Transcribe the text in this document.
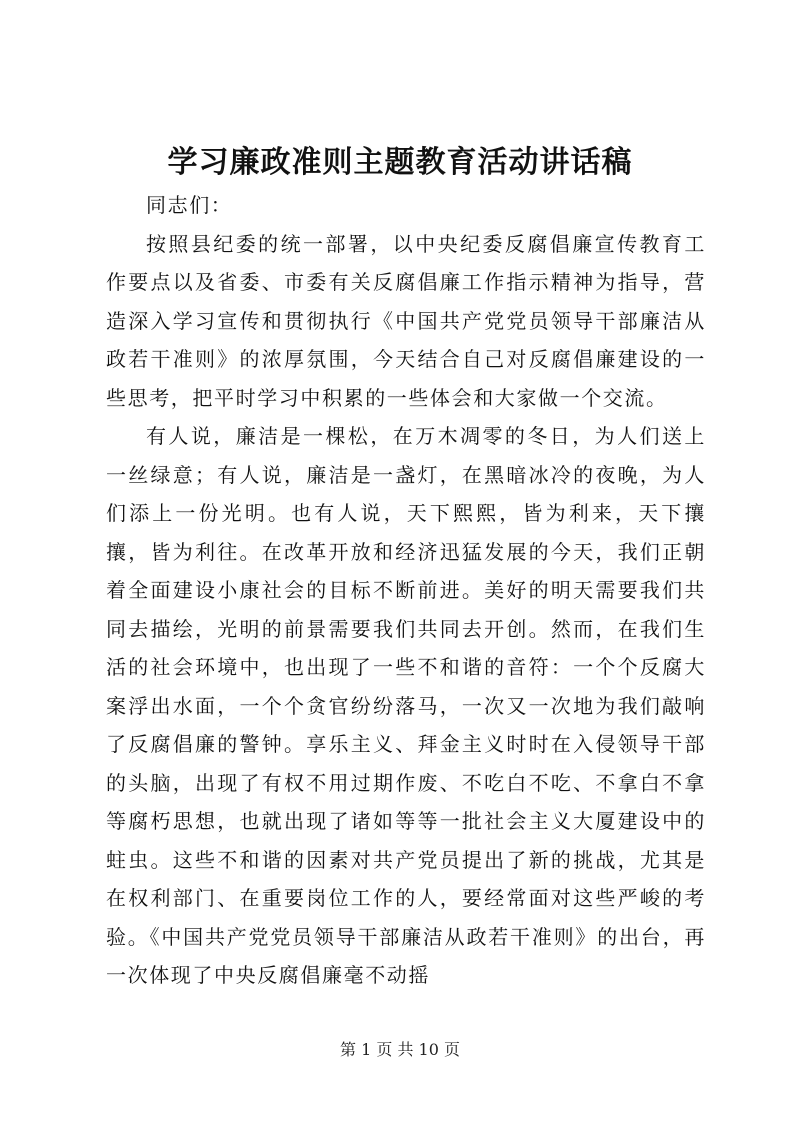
学习廉政准则主题教育活动讲话稿

同志们：

按照县纪委的统一部署，以中央纪委反腐倡廉宣传教育工作要点以及省委、市委有关反腐倡廉工作指示精神为指导，营造深入学习宣传和贯彻执行《中国共产党党员领导干部廉洁从政若干准则》的浓厚氛围，今天结合自己对反腐倡廉建设的一些思考，把平时学习中积累的一些体会和大家做一个交流。

有人说，廉洁是一棵松，在万木凋零的冬日，为人们送上一丝绿意；有人说，廉洁是一盏灯，在黑暗冰冷的夜晚，为人们添上一份光明。也有人说，天下熙熙，皆为利来，天下攘攘，皆为利往。在改革开放和经济迅猛发展的今天，我们正朝着全面建设小康社会的目标不断前进。美好的明天需要我们共同去描绘，光明的前景需要我们共同去开创。然而，在我们生活的社会环境中，也出现了一些不和谐的音符：一个个反腐大案浮出水面，一个个贪官纷纷落马，一次又一次地为我们敲响了反腐倡廉的警钟。享乐主义、拜金主义时时在入侵领导干部的头脑，出现了有权不用过期作废、不吃白不吃、不拿白不拿等腐朽思想，也就出现了诸如等等一批社会主义大厦建设中的蛀虫。这些不和谐的因素对共产党员提出了新的挑战，尤其是在权利部门、在重要岗位工作的人，要经常面对这些严峻的考验。《中国共产党党员领导干部廉洁从政若干准则》的出台，再一次体现了中央反腐倡廉毫不动摇

第 1 页 共 10 页
